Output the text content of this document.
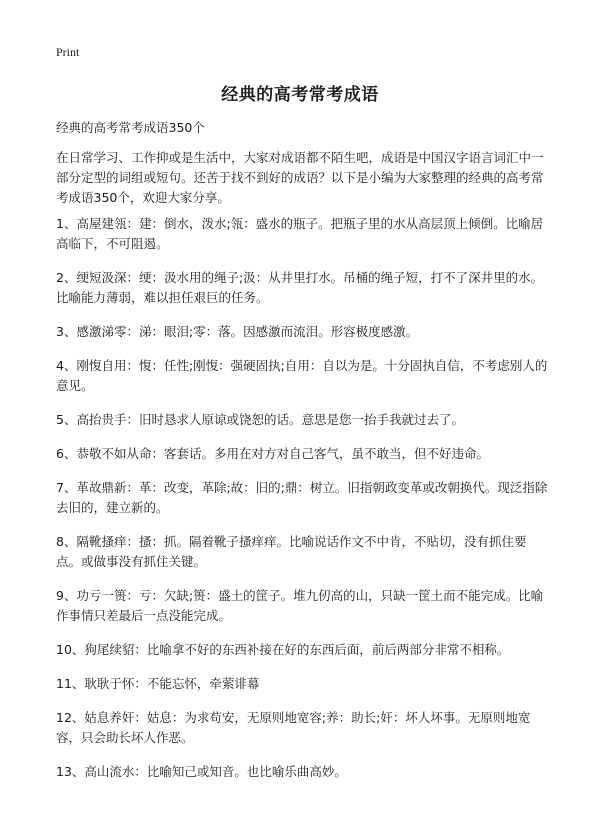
Print
经典的高考常考成语
经典的高考常考成语350个
在日常学习、工作抑或是生活中，大家对成语都不陌生吧，成语是中国汉字语言词汇中一部分定型的词组或短句。还苦于找不到好的成语？以下是小编为大家整理的经典的高考常考成语350个，欢迎大家分享。
1、高屋建瓴：建：倒水，泼水;瓴：盛水的瓶子。把瓶子里的水从高层顶上倾倒。比喻居高临下，不可阻遏。
2、绠短汲深：绠：汲水用的绳子;汲：从井里打水。吊桶的绳子短，打不了深井里的水。比喻能力薄弱，难以担任艰巨的任务。
3、感激涕零：涕：眼泪;零：落。因感激而流泪。形容极度感激。
4、刚愎自用：愎：任性;刚愎：强硬固执;自用：自以为是。十分固执自信，不考虑别人的意见。
5、高抬贵手：旧时恳求人原谅或饶恕的话。意思是您一抬手我就过去了。
6、恭敬不如从命：客套话。多用在对方对自己客气，虽不敢当，但不好违命。
7、革故鼎新：革：改变，革除;故：旧的;鼎：树立。旧指朝政变革或改朝换代。现泛指除去旧的，建立新的。
8、隔靴搔痒：搔：抓。隔着靴子搔痒痒。比喻说话作文不中肯，不贴切，没有抓住要点。或做事没有抓住关键。
9、功亏一篑：亏：欠缺;篑：盛土的筐子。堆九仞高的山，只缺一筐土而不能完成。比喻作事情只差最后一点没能完成。
10、狗尾续貂：比喻拿不好的东西补接在好的东西后面，前后两部分非常不相称。
11、耿耿于怀：不能忘怀，牵萦诽幕
12、姑息养奸：姑息：为求苟安，无原则地宽容;养：助长;奸：坏人坏事。无原则地宽容，只会助长坏人作恶。
13、高山流水：比喻知己或知音。也比喻乐曲高妙。
